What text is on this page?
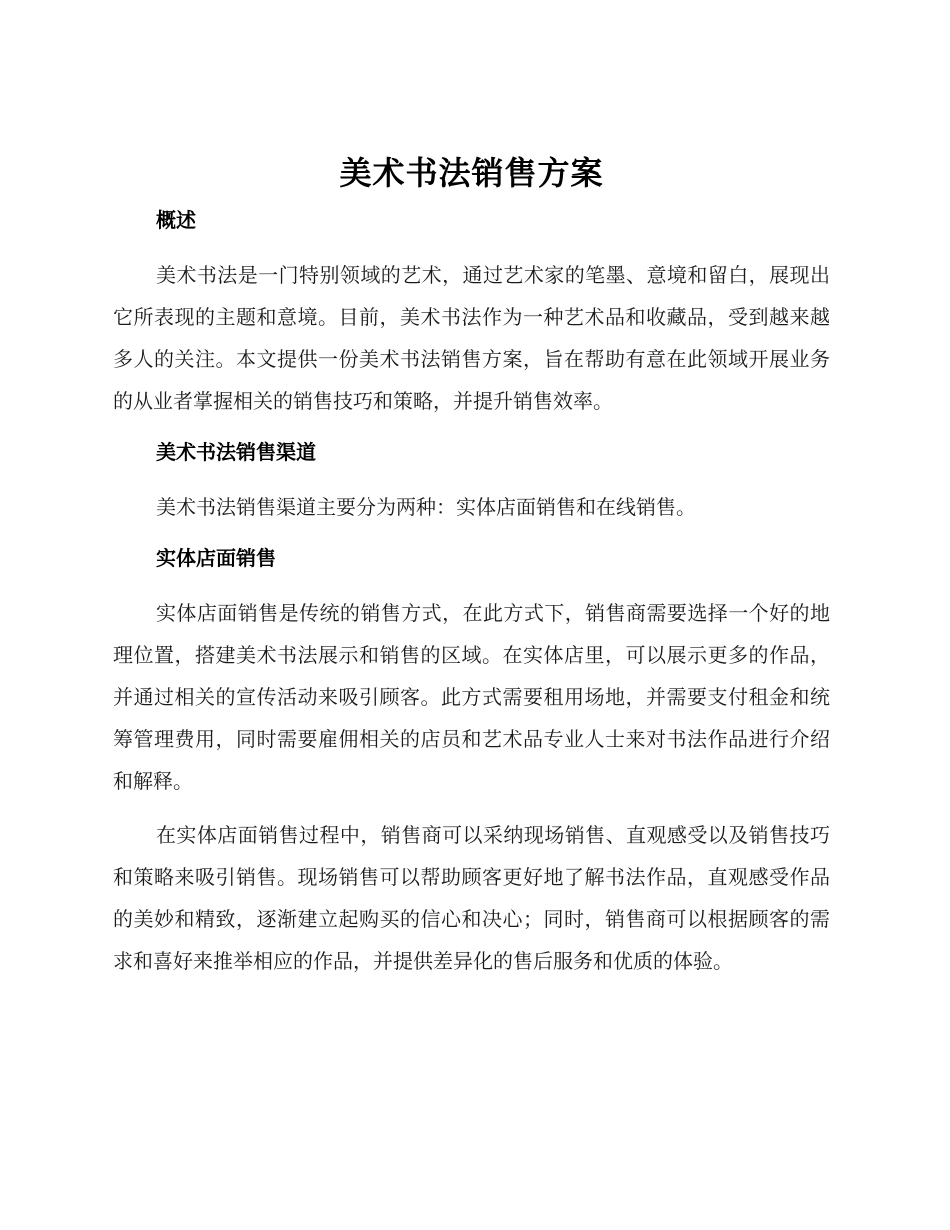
美术书法销售方案
概述

美术书法是一门特别领域的艺术，通过艺术家的笔墨、意境和留白，展现出它所表现的主题和意境。目前，美术书法作为一种艺术品和收藏品，受到越来越多人的关注。本文提供一份美术书法销售方案，旨在帮助有意在此领域开展业务的从业者掌握相关的销售技巧和策略，并提升销售效率。

美术书法销售渠道

美术书法销售渠道主要分为两种：实体店面销售和在线销售。

实体店面销售

实体店面销售是传统的销售方式，在此方式下，销售商需要选择一个好的地理位置，搭建美术书法展示和销售的区域。在实体店里，可以展示更多的作品，并通过相关的宣传活动来吸引顾客。此方式需要租用场地，并需要支付租金和统筹管理费用，同时需要雇佣相关的店员和艺术品专业人士来对书法作品进行介绍和解释。

在实体店面销售过程中，销售商可以采纳现场销售、直观感受以及销售技巧和策略来吸引销售。现场销售可以帮助顾客更好地了解书法作品，直观感受作品的美妙和精致，逐渐建立起购买的信心和决心；同时，销售商可以根据顾客的需求和喜好来推举相应的作品，并提供差异化的售后服务和优质的体验。
